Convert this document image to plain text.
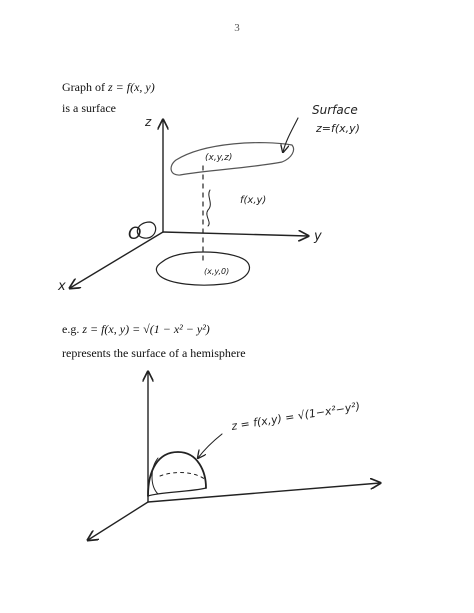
3
Graph of z = f(x, y)
is a surface
z
y
x
O
(x,y,z)
f(x,y)
(x,y,0)
Surface
z=f(x,y)
z = f(x,y) = √(1−x²−y²)
e.g. z = f(x, y) = √(1 − x² − y²)
represents the surface of a hemisphere
